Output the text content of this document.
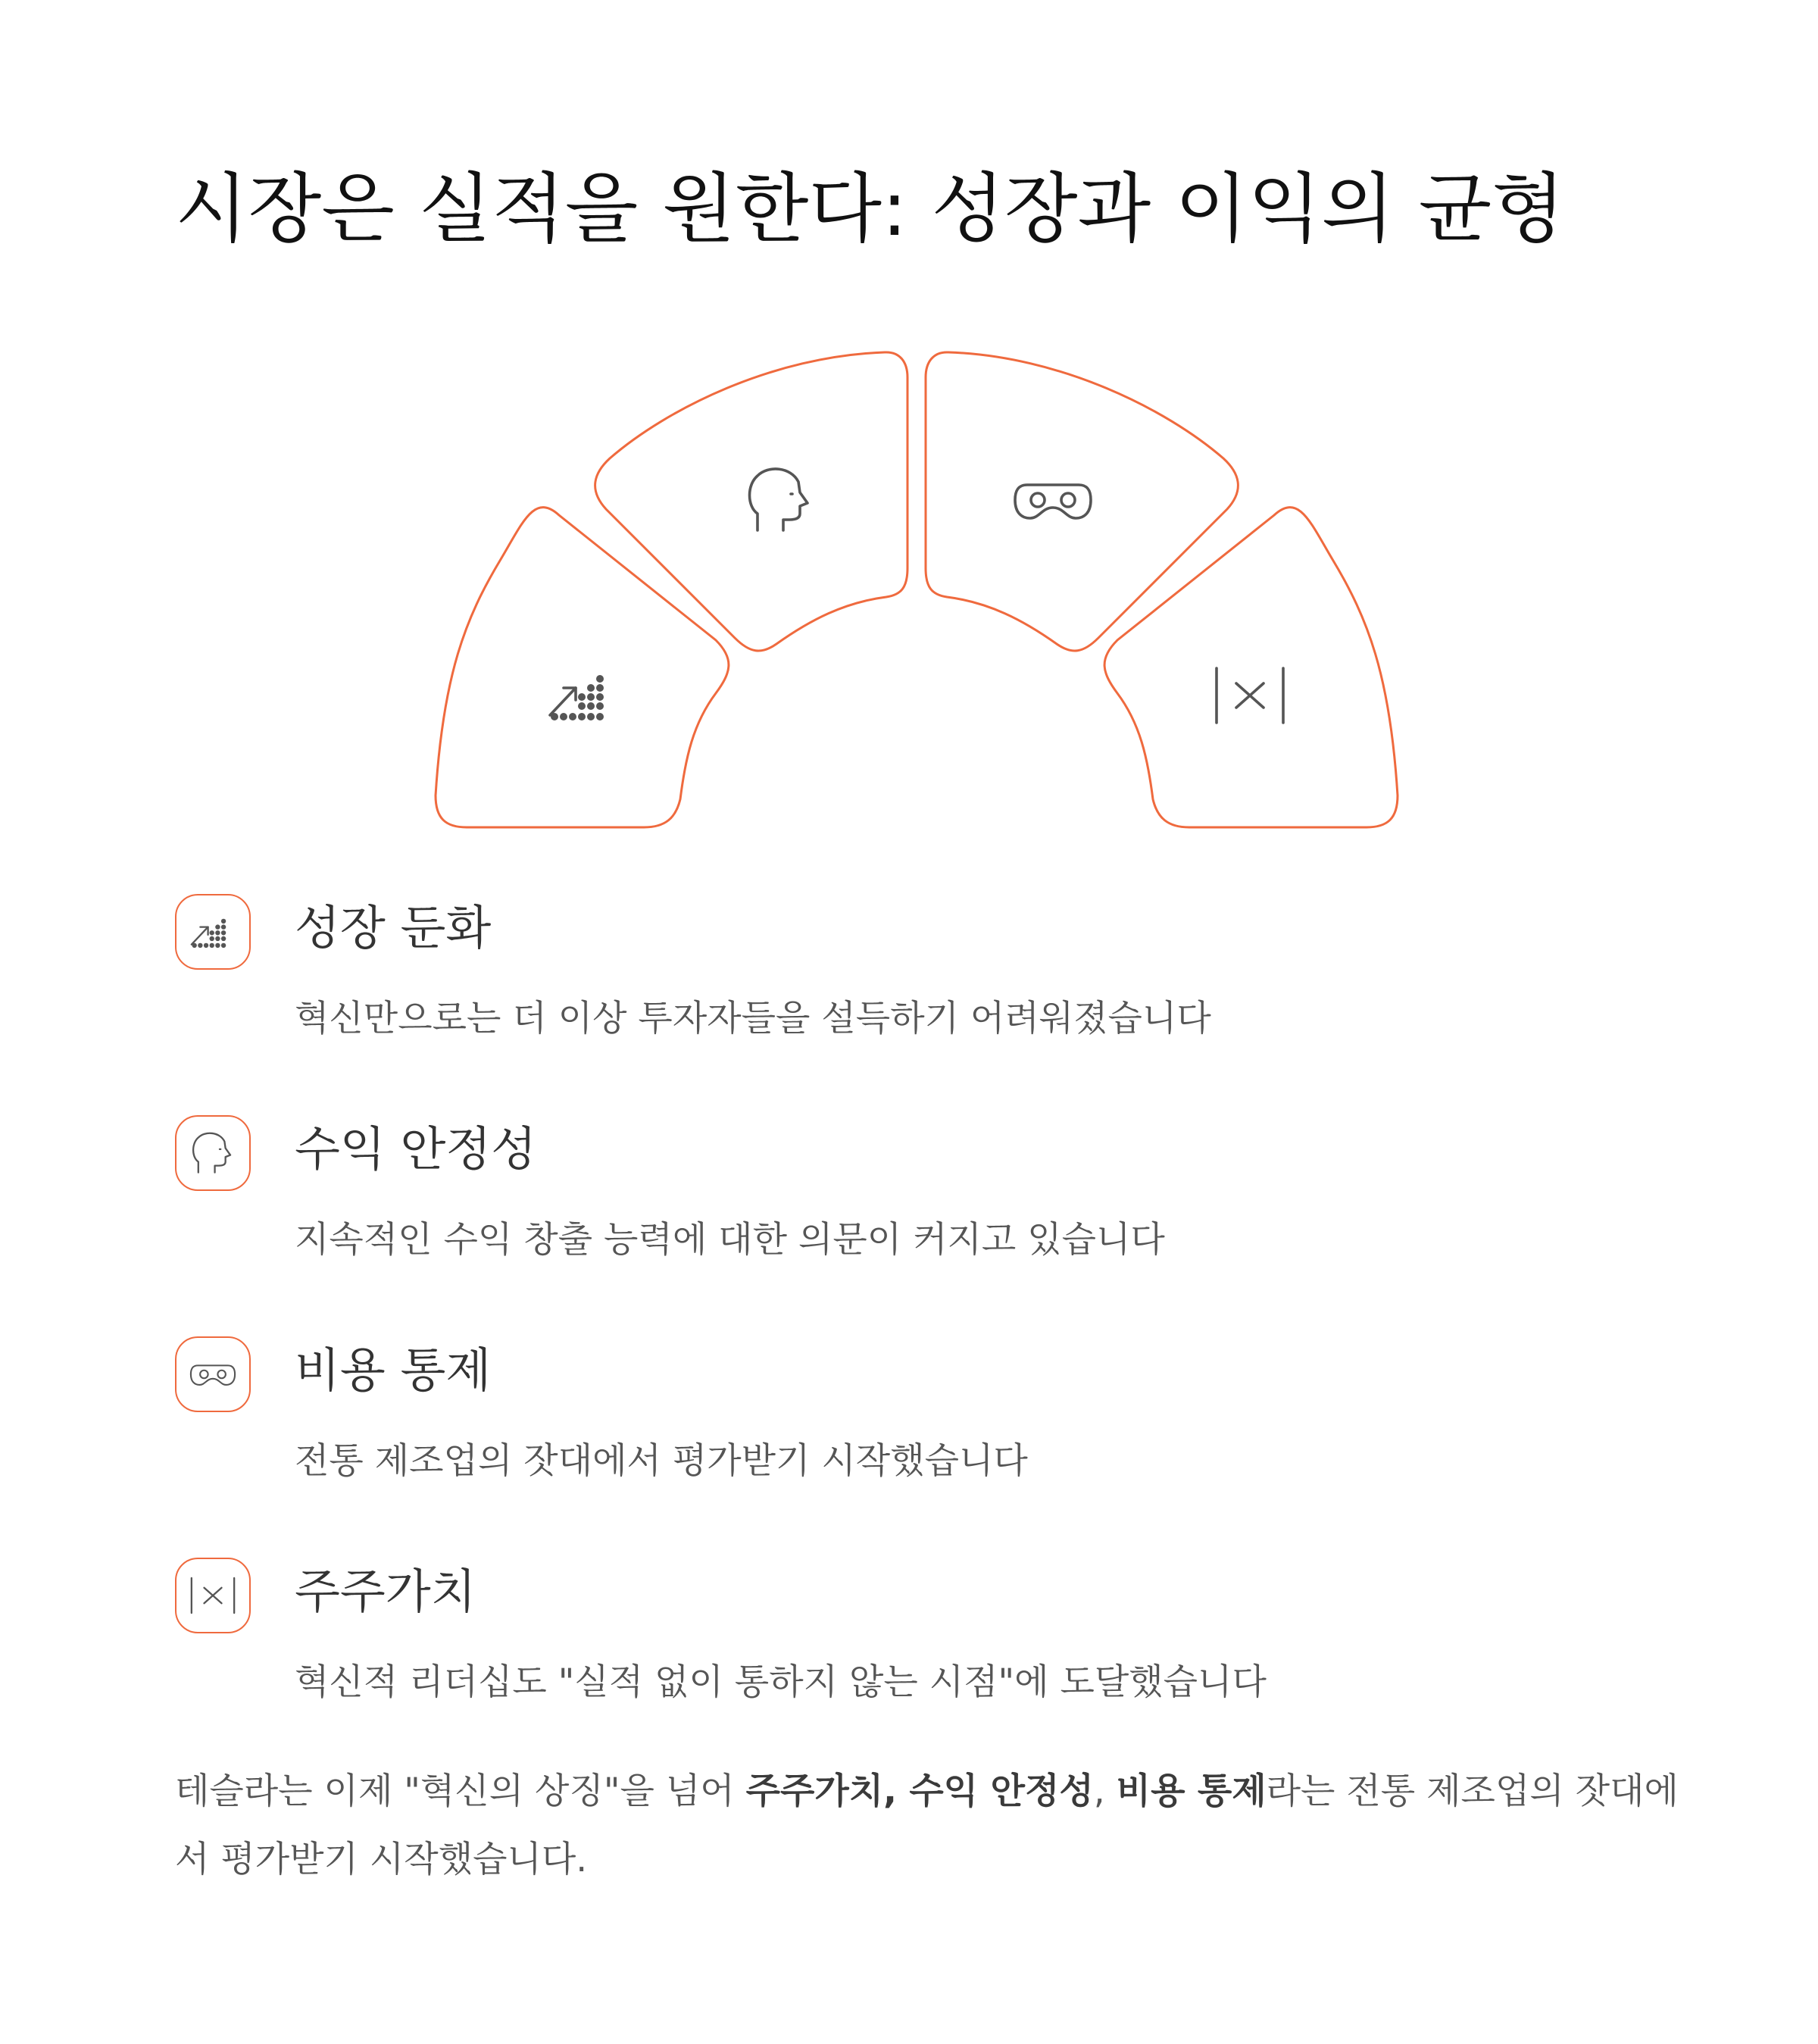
시장은 실적을 원한다: 성장과 이익의 균형
성장 둔화
혁신만으로는 더 이상 투자자들을 설득하기 어려워졌습니다
수익 안정성
지속적인 수익 창출 능력에 대한 의문이 커지고 있습니다
비용 통제
전통 제조업의 잣대에서 평가받기 시작했습니다
주주가치
혁신적 리더십도 "실적 없이 통하지 않는 시점"에 도달했습니다

테슬라는 이제 "혁신의 상징"을 넘어 주주가치, 수익 안정성, 비용 통제라는 전통 제조업의 잣대에서 평가받기 시작했습니다.
